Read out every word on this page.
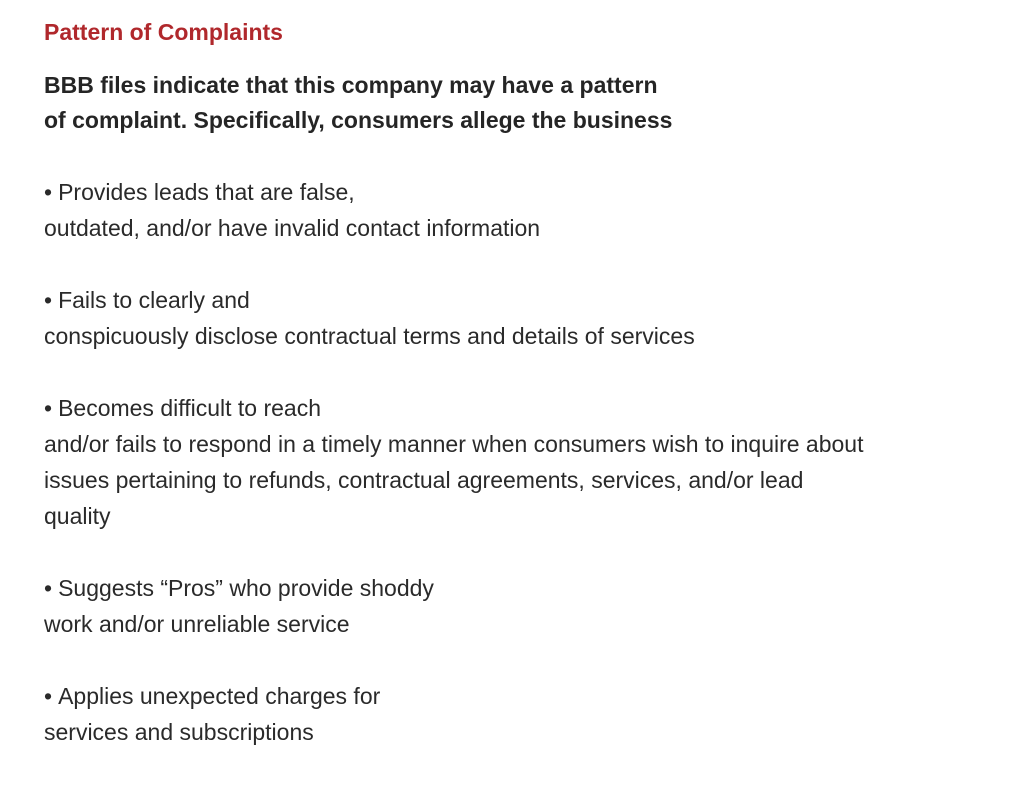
Pattern of Complaints

BBB files indicate that this company may have a pattern
of complaint. Specifically, consumers allege the business

• Provides leads that are false,
outdated, and/or have invalid contact information
• Fails to clearly and
conspicuously disclose contractual terms and details of services
• Becomes difficult to reach
and/or fails to respond in a timely manner when consumers wish to inquire about
issues pertaining to refunds, contractual agreements, services, and/or lead
quality
• Suggests “Pros” who provide shoddy
work and/or unreliable service
• Applies unexpected charges for
services and subscriptions
